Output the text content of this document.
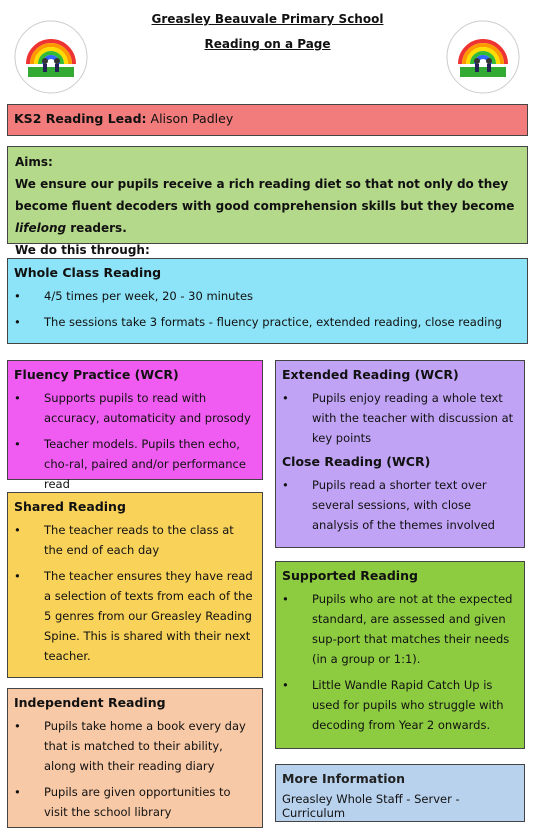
Greasley Beauvale Primary School
Reading on a Page
KS2 Reading Lead: Alison Padley
Aims:
We ensure our pupils receive a rich reading diet so that not only do they become fluent decoders with good comprehension skills but they become lifelong readers.
We do this through:
Whole Class Reading
• 4/5 times per week, 20 - 30 minutes
• The sessions take 3 formats - fluency practice, extended reading, close reading
Fluency Practice (WCR)
• Supports pupils to read with accuracy, automaticity and prosody
• Teacher models. Pupils then echo, cho-ral, paired and/or performance read
Extended Reading (WCR)
• Pupils enjoy reading a whole text with the teacher with discussion at key points
Close Reading (WCR)
• Pupils read a shorter text over several sessions, with close analysis of the themes involved
Shared Reading
• The teacher reads to the class at the end of each day
• The teacher ensures they have read a selection of texts from each of the 5 genres from our Greasley Reading Spine. This is shared with their next teacher.
Supported Reading
• Pupils who are not at the expected standard, are assessed and given sup-port that matches their needs (in a group or 1:1).
• Little Wandle Rapid Catch Up is used for pupils who struggle with decoding from Year 2 onwards.
Independent Reading
• Pupils take home a book every day that is matched to their ability, along with their reading diary
• Pupils are given opportunities to visit the school library
More Information

Greasley Whole Staff - Server - Curriculum
